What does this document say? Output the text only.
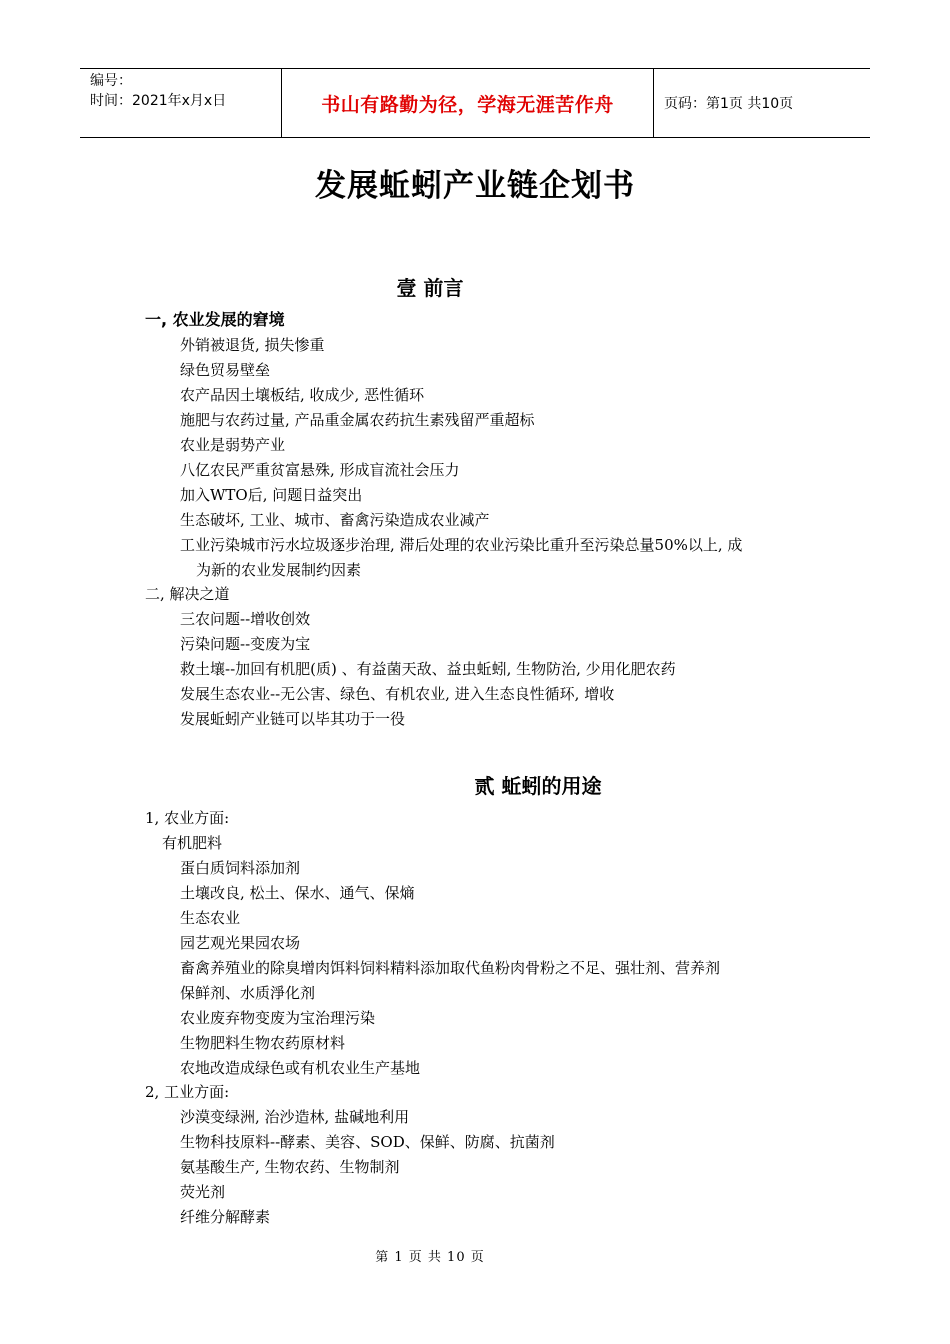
编号：
时间：2021年x月x日	书山有路勤为径，学海无涯苦作舟	页码：第1页 共10页
发展蚯蚓产业链企划书
壹 前言
一, 农业发展的窘境
外销被退货, 损失惨重
绿色贸易壁垒
农产品因土壤板结, 收成少, 恶性循环
施肥与农药过量, 产品重金属农药抗生素残留严重超标
农业是弱势产业
八亿农民严重贫富悬殊, 形成盲流社会压力
加入WTO后, 问题日益突出
生态破坏, 工业、城市、畜禽污染造成农业减产
工业污染城市污水垃圾逐步治理, 滞后处理的农业污染比重升至污染总量50%以上, 成
为新的农业发展制约因素
二, 解决之道
三农问题--增收创效
污染问题--变废为宝
救土壤--加回有机肥(质) 、有益菌天敌、益虫蚯蚓, 生物防治, 少用化肥农药
发展生态农业--无公害、绿色、有机农业, 进入生态良性循环, 增收
发展蚯蚓产业链可以毕其功于一役
贰 蚯蚓的用途
1, 农业方面:
有机肥料
蛋白质饲料添加剂
土壤改良, 松土、保水、通气、保熵
生态农业
园艺观光果园农场
畜禽养殖业的除臭增肉饵料饲料精料添加取代鱼粉肉骨粉之不足、强壮剂、营养剂
保鲜剂、水质淨化剂
农业废弃物变废为宝治理污染
生物肥料生物农药原材料
农地改造成绿色或有机农业生产基地
2, 工业方面:
沙漠变绿洲, 治沙造林, 盐碱地利用
生物科技原料--酵素、美容、SOD、保鲜、防腐、抗菌剂
氨基酸生产, 生物农药、生物制剂
荧光剂
纤维分解酵素
第 1 页 共 10 页
